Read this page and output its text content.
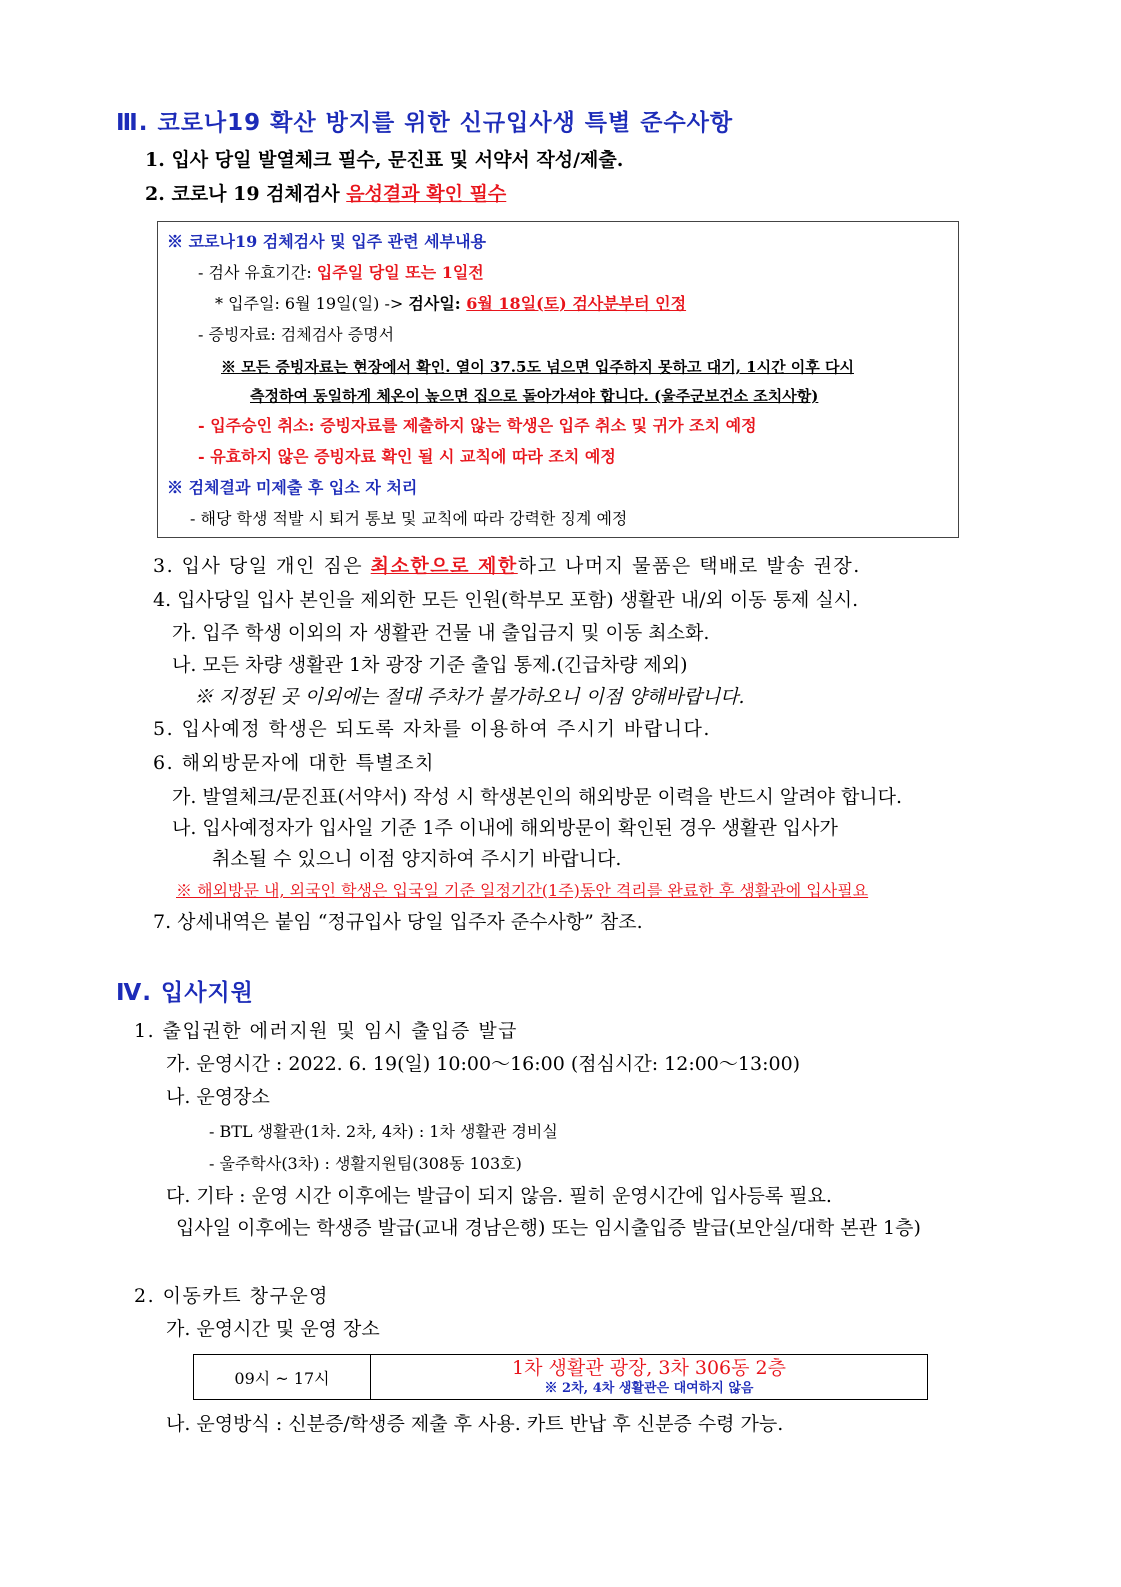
Ⅲ. 코로나19 확산 방지를 위한 신규입사생 특별 준수사항
1. 입사 당일 발열체크 필수, 문진표 및 서약서 작성/제출.
2. 코로나 19 검체검사 음성결과 확인 필수
※ 코로나19 검체검사 및 입주 관련 세부내용
- 검사 유효기간: 입주일 당일 또는 1일전
* 입주일: 6월 19일(일) -> 검사일: 6월 18일(토) 검사분부터 인정
- 증빙자료: 검체검사 증명서
※ 모든 증빙자료는 현장에서 확인. 열이 37.5도 넘으면 입주하지 못하고 대기, 1시간 이후 다시
측정하여 동일하게 체온이 높으면 집으로 돌아가셔야 합니다. (울주군보건소 조치사항)
- 입주승인 취소: 증빙자료를 제출하지 않는 학생은 입주 취소 및 귀가 조치 예정
- 유효하지 않은 증빙자료 확인 될 시 교칙에 따라 조치 예정
※ 검체결과 미제출 후 입소 자 처리
- 해당 학생 적발 시 퇴거 통보 및 교칙에 따라 강력한 징계 예정
3. 입사 당일 개인 짐은 최소한으로 제한하고 나머지 물품은 택배로 발송 권장.
4. 입사당일 입사 본인을 제외한 모든 인원(학부모 포함) 생활관 내/외 이동 통제 실시.
가. 입주 학생 이외의 자 생활관 건물 내 출입금지 및 이동 최소화.
나. 모든 차량 생활관 1차 광장 기준 출입 통제.(긴급차량 제외)
※ 지정된 곳 이외에는 절대 주차가 불가하오니 이점 양해바랍니다.
5. 입사예정 학생은 되도록 자차를 이용하여 주시기 바랍니다.
6. 해외방문자에 대한 특별조치
가. 발열체크/문진표(서약서) 작성 시 학생본인의 해외방문 이력을 반드시 알려야 합니다.
나. 입사예정자가 입사일 기준 1주 이내에 해외방문이 확인된 경우 생활관 입사가
취소될 수 있으니 이점 양지하여 주시기 바랍니다.
※ 해외방문 내, 외국인 학생은 입국일 기준 일정기간(1주)동안 격리를 완료한 후 생활관에 입사필요
7. 상세내역은 붙임 “정규입사 당일 입주자 준수사항” 참조.
Ⅳ. 입사지원
1. 출입권한 에러지원 및 임시 출입증 발급
가. 운영시간 : 2022. 6. 19(일) 10:00～16:00 (점심시간: 12:00～13:00)
나. 운영장소
- BTL 생활관(1차. 2차, 4차) : 1차 생활관 경비실
- 울주학사(3차) : 생활지원팀(308동 103호)
다. 기타 : 운영 시간 이후에는 발급이 되지 않음. 필히 운영시간에 입사등록 필요.
입사일 이후에는 학생증 발급(교내 경남은행) 또는 임시출입증 발급(보안실/대학 본관 1층)
2. 이동카트 창구운영
가. 운영시간 및 운영 장소
09시 ~ 17시	1차 생활관 광장, 3차 306동 2층
※ 2차, 4차 생활관은 대여하지 않음
나. 운영방식 : 신분증/학생증 제출 후 사용. 카트 반납 후 신분증 수령 가능.
